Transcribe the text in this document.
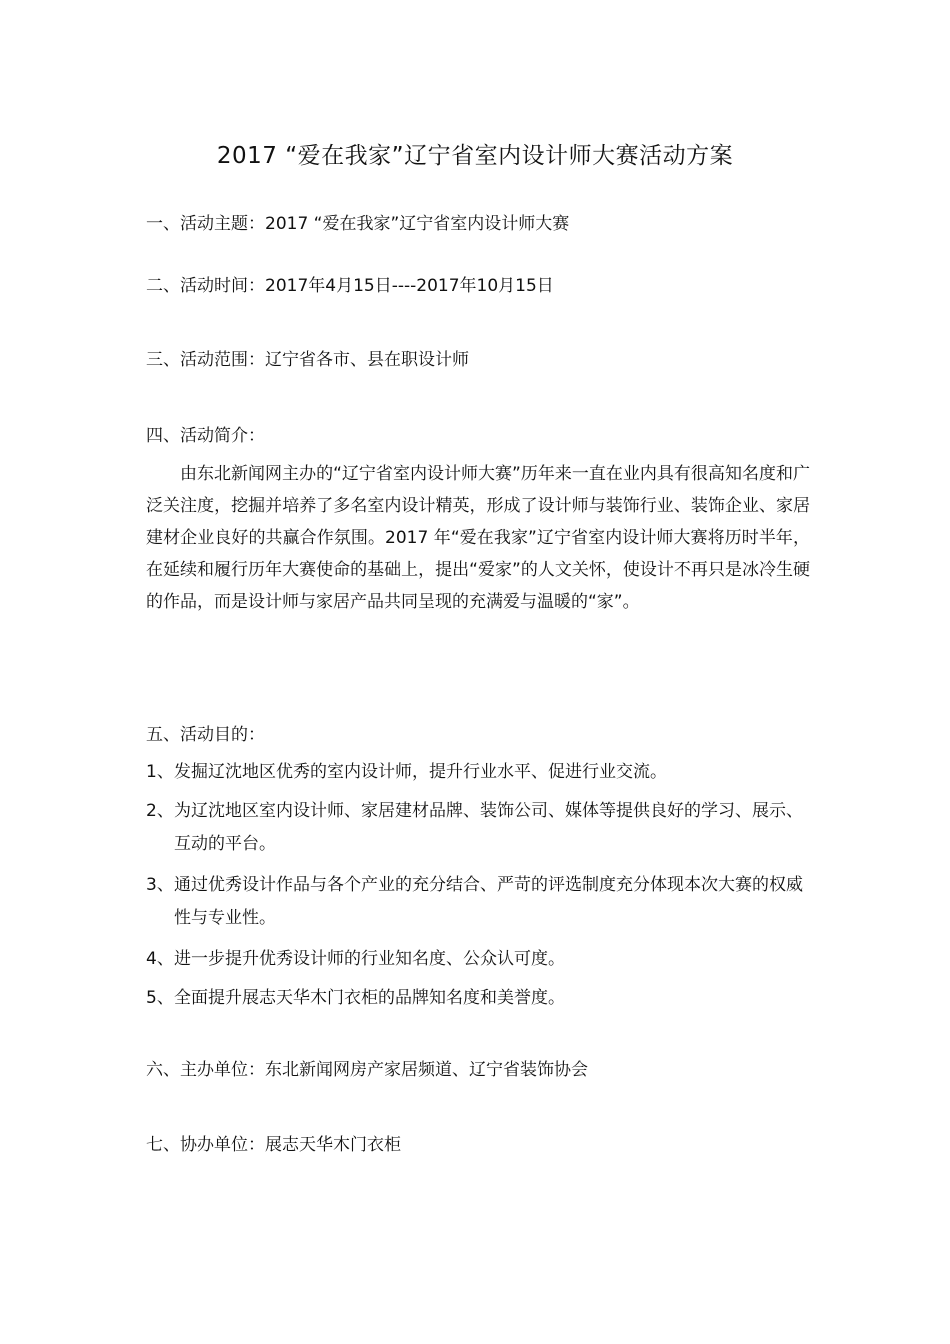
2017 “爱在我家”辽宁省室内设计师大赛活动方案
一、活动主题：2017 “爱在我家”辽宁省室内设计师大赛
二、活动时间：2017年4月15日----2017年10月15日
三、活动范围：辽宁省各市、县在职设计师
四、活动简介：
由东北新闻网主办的“辽宁省室内设计师大赛”历年来一直在业内具有很高知名度和广泛关注度，挖掘并培养了多名室内设计精英，形成了设计师与装饰行业、装饰企业、家居建材企业良好的共赢合作氛围。2017 年“爱在我家”辽宁省室内设计师大赛将历时半年，在延续和履行历年大赛使命的基础上，提出“爱家”的人文关怀，使设计不再只是冰冷生硬的作品，而是设计师与家居产品共同呈现的充满爱与温暖的“家”。
五、活动目的：
1、发掘辽沈地区优秀的室内设计师，提升行业水平、促进行业交流。
2、为辽沈地区室内设计师、家居建材品牌、装饰公司、媒体等提供良好的学习、展示、互动的平台。
3、通过优秀设计作品与各个产业的充分结合、严苛的评选制度充分体现本次大赛的权威性与专业性。
4、进一步提升优秀设计师的行业知名度、公众认可度。
5、全面提升展志天华木门衣柜的品牌知名度和美誉度。
六、主办单位：东北新闻网房产家居频道、辽宁省装饰协会
七、协办单位：展志天华木门衣柜
